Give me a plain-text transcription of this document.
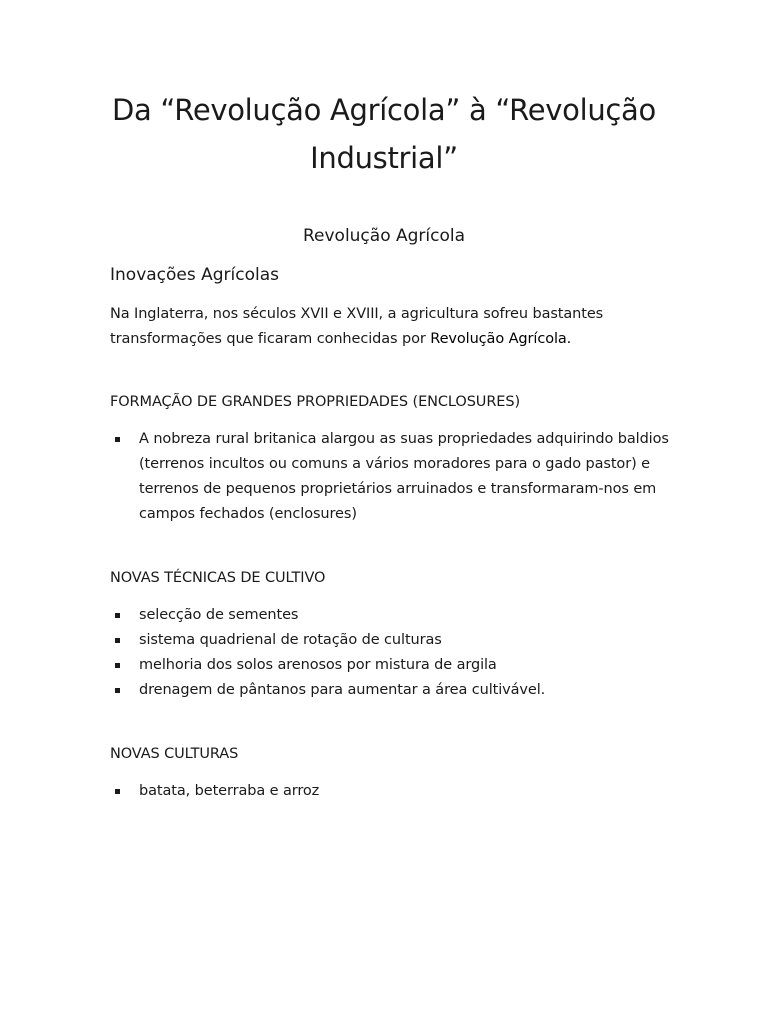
Da “Revolução Agrícola” à “Revolução Industrial”
Revolução Agrícola
Inovações Agrícolas

Na Inglaterra, nos séculos XVII e XVIII, a agricultura sofreu bastantes transformações que ficaram conhecidas por Revolução Agrícola.

FORMAÇÃO DE GRANDES PROPRIEDADES (ENCLOSURES)
A nobreza rural britanica alargou as suas propriedades adquirindo baldios (terrenos incultos ou comuns a vários moradores para o gado pastor) e terrenos de pequenos proprietários arruinados e transformaram-nos em campos fechados (enclosures)
NOVAS TÉCNICAS DE CULTIVO
selecção de sementes
sistema quadrienal de rotação de culturas
melhoria dos solos arenosos por mistura de argila
drenagem de pântanos para aumentar a área cultivável.
NOVAS CULTURAS
batata, beterraba e arroz
